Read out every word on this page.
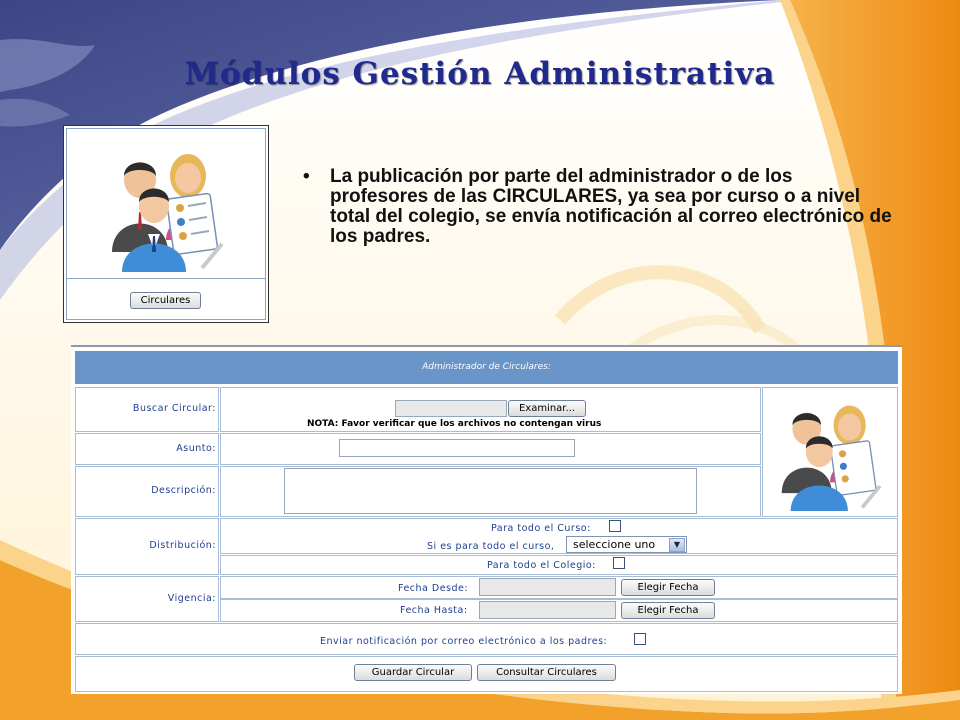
Módulos Gestión Administrativa
Circulares
• La publicación por parte del administrador o de los profesores de las CIRCULARES, ya sea por curso o a nivel total del colegio, se envía notificación al correo electrónico de los padres.
Administrador de Circulares:
Buscar Circular:	Examinar...
NOTA: Favor verificar que los archivos no contengan virus
Asunto:
Descripción:
Distribución:
Para todo el Curso:
Si es para todo el curso, seleccione uno	▼
Para todo el Colegio:
Vigencia:
Fecha Desde:	Elegir Fecha
Fecha Hasta:	Elegir Fecha
Enviar notificación por correo electrónico a los padres:
Guardar Circular	Consultar Circulares
